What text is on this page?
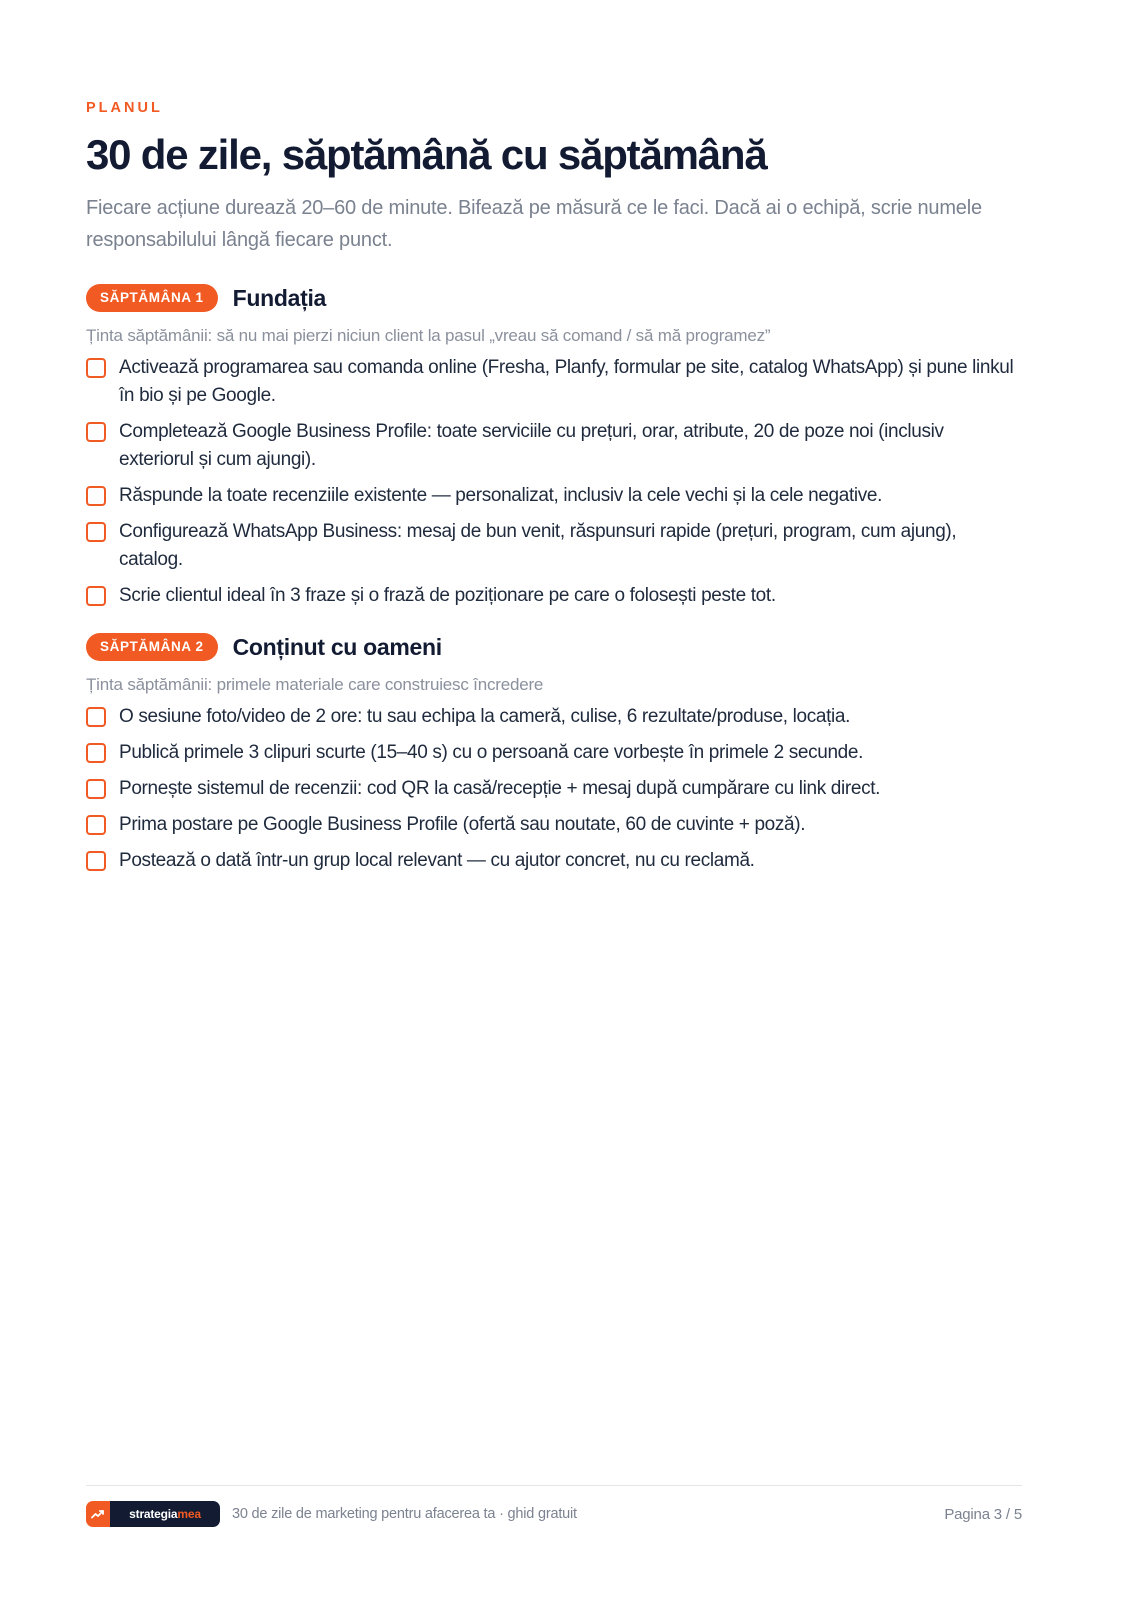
PLANUL
30 de zile, săptămână cu săptămână

Fiecare acțiune durează 20–60 de minute. Bifează pe măsură ce le faci. Dacă ai o echipă, scrie numele responsabilului lângă fiecare punct.

SĂPTĂMÂNA 1	Fundația
Ținta săptămânii: să nu mai pierzi niciun client la pasul „vreau să comand / să mă programez”
Activează programarea sau comanda online (Fresha, Planfy, formular pe site, catalog WhatsApp) și pune linkul în bio și pe Google.
Completează Google Business Profile: toate serviciile cu prețuri, orar, atribute, 20 de poze noi (inclusiv exteriorul și cum ajungi).
Răspunde la toate recenziile existente — personalizat, inclusiv la cele vechi și la cele negative.
Configurează WhatsApp Business: mesaj de bun venit, răspunsuri rapide (prețuri, program, cum ajung), catalog.
Scrie clientul ideal în 3 fraze și o frază de poziționare pe care o folosești peste tot.
SĂPTĂMÂNA 2	Conținut cu oameni
Ținta săptămânii: primele materiale care construiesc încredere
O sesiune foto/video de 2 ore: tu sau echipa la cameră, culise, 6 rezultate/produse, locația.
Publică primele 3 clipuri scurte (15–40 s) cu o persoană care vorbește în primele 2 secunde.
Pornește sistemul de recenzii: cod QR la casă/recepție + mesaj după cumpărare cu link direct.
Prima postare pe Google Business Profile (ofertă sau noutate, 60 de cuvinte + poză).
Postează o dată într-un grup local relevant — cu ajutor concret, nu cu reclamă.
strategia mea 30 de zile de marketing pentru afacerea ta · ghid gratuit	Pagina 3 / 5
